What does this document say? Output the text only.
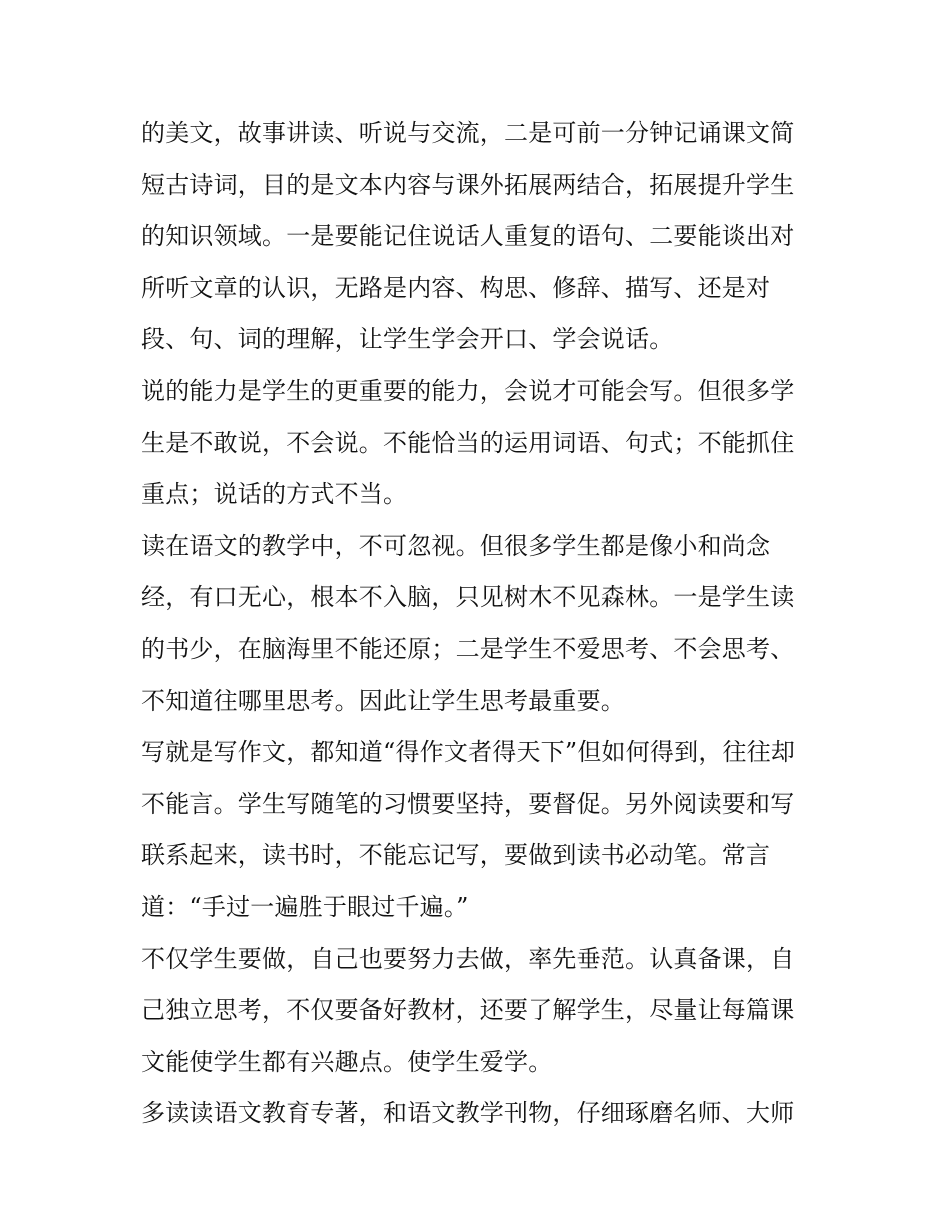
的美文，故事讲读、听说与交流，二是可前一分钟记诵课文简
短古诗词，目的是文本内容与课外拓展两结合，拓展提升学生
的知识领域。一是要能记住说话人重复的语句、二要能谈出对
所听文章的认识，无路是内容、构思、修辞、描写、还是对
段、句、词的理解，让学生学会开口、学会说话。
说的能力是学生的更重要的能力，会说才可能会写。但很多学
生是不敢说，不会说。不能恰当的运用词语、句式；不能抓住
重点；说话的方式不当。
读在语文的教学中，不可忽视。但很多学生都是像小和尚念
经，有口无心，根本不入脑，只见树木不见森林。一是学生读
的书少，在脑海里不能还原；二是学生不爱思考、不会思考、
不知道往哪里思考。因此让学生思考最重要。
写就是写作文，都知道“得作文者得天下”但如何得到，往往却
不能言。学生写随笔的习惯要坚持，要督促。另外阅读要和写
联系起来，读书时，不能忘记写，要做到读书必动笔。常言
道：“手过一遍胜于眼过千遍。”
不仅学生要做，自己也要努力去做，率先垂范。认真备课，自
己独立思考，不仅要备好教材，还要了解学生，尽量让每篇课
文能使学生都有兴趣点。使学生爱学。
多读读语文教育专著，和语文教学刊物，仔细琢磨名师、大师
